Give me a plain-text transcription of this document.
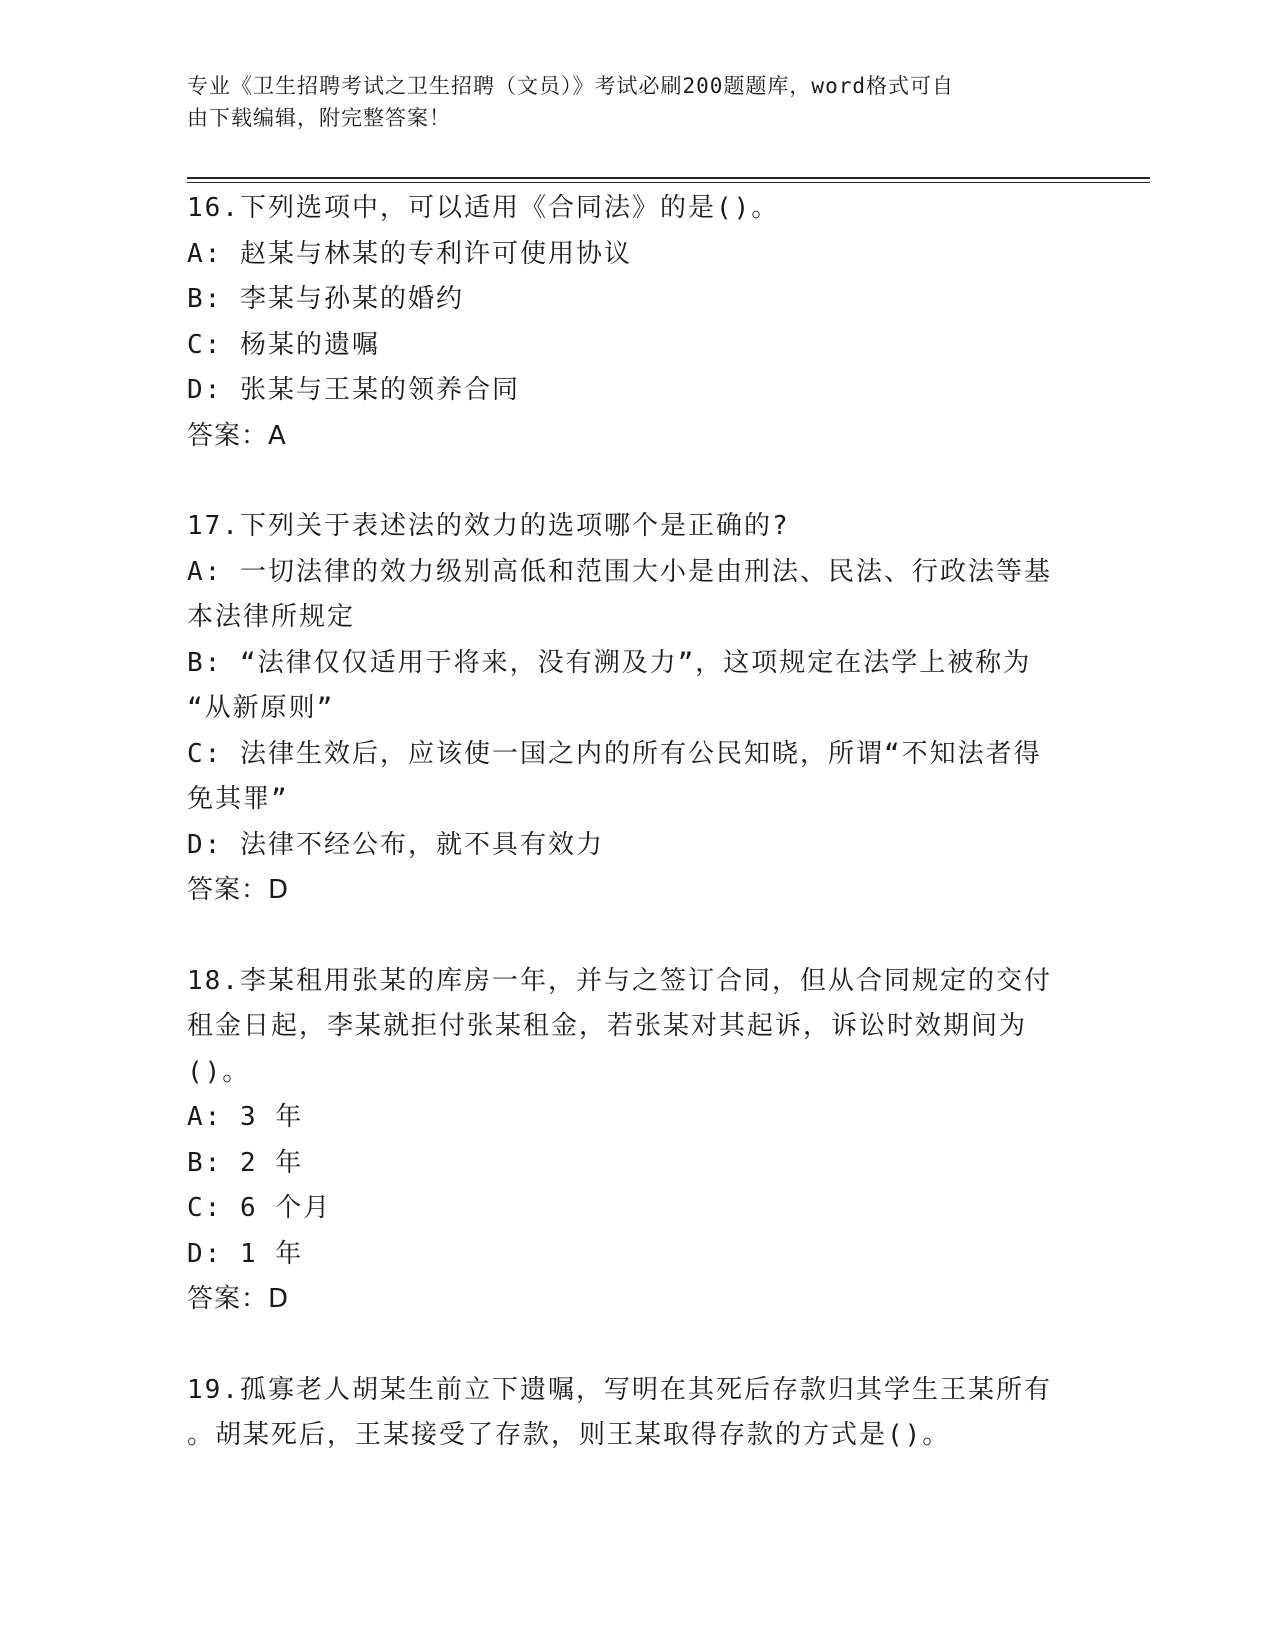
专业《卫生招聘考试之卫生招聘（文员）》考试必刷200题题库，word格式可自
由下载编辑，附完整答案！
16.下列选项中，可以适用《合同法》的是()。
A: 赵某与林某的专利许可使用协议
B: 李某与孙某的婚约
C: 杨某的遗嘱
D: 张某与王某的领养合同
答案：A
17.下列关于表述法的效力的选项哪个是正确的?
A: 一切法律的效力级别高低和范围大小是由刑法、民法、行政法等基
本法律所规定
B: “法律仅仅适用于将来，没有溯及力”，这项规定在法学上被称为
“从新原则”
C: 法律生效后，应该使一国之内的所有公民知晓，所谓“不知法者得
免其罪”
D: 法律不经公布，就不具有效力
答案：D
18.李某租用张某的库房一年，并与之签订合同，但从合同规定的交付
租金日起，李某就拒付张某租金，若张某对其起诉，诉讼时效期间为
()。
A: 3 年
B: 2 年
C: 6 个月
D: 1 年
答案：D
19.孤寡老人胡某生前立下遗嘱，写明在其死后存款归其学生王某所有
。胡某死后，王某接受了存款，则王某取得存款的方式是()。
